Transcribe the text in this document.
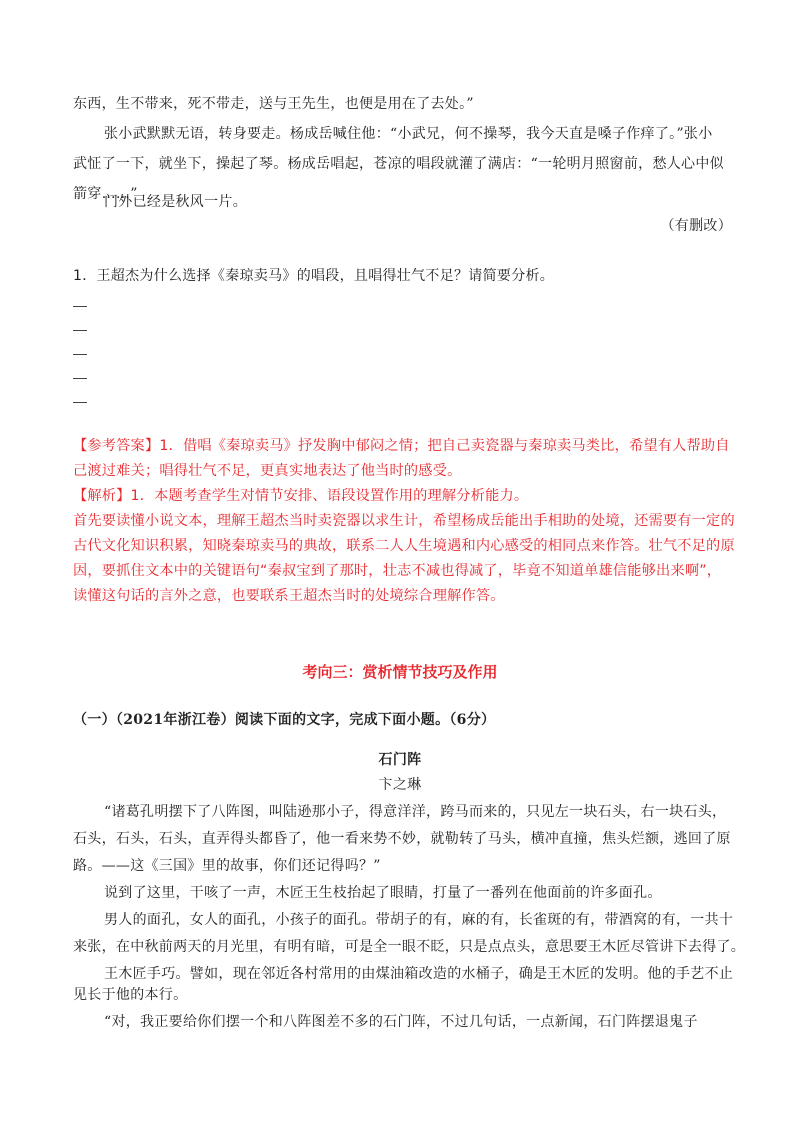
东西，生不带来，死不带走，送与王先生，也便是用在了去处。”
张小武默默无语，转身要走。杨成岳喊住他：“小武兄，何不操琴，我今天直是嗓子作痒了。”张小
武怔了一下，就坐下，操起了琴。杨成岳唱起，苍凉的唱段就灌了满店：“一轮明月照窗前，愁人心中似
箭穿……”
门外已经是秋风一片。
（有删改）
1．王超杰为什么选择《秦琼卖马》的唱段，且唱得壮气不足？请简要分析。
【参考答案】1．借唱《秦琼卖马》抒发胸中郁闷之情；把自己卖瓷器与秦琼卖马类比，希望有人帮助自
己渡过难关；唱得壮气不足，更真实地表达了他当时的感受。
【解析】1．本题考查学生对情节安排、语段设置作用的理解分析能力。
首先要读懂小说文本，理解王超杰当时卖瓷器以求生计，希望杨成岳能出手相助的处境，还需要有一定的
古代文化知识积累，知晓秦琼卖马的典故，联系二人人生境遇和内心感受的相同点来作答。壮气不足的原
因，要抓住文本中的关键语句“秦叔宝到了那时，壮志不减也得减了，毕竟不知道单雄信能够出来啊”，
读懂这句话的言外之意，也要联系王超杰当时的处境综合理解作答。
考向三：赏析情节技巧及作用
（一）（2021年浙江卷）阅读下面的文字，完成下面小题。（6分）
石门阵
卞之琳
“诸葛孔明摆下了八阵图，叫陆逊那小子，得意洋洋，跨马而来的，只见左一块石头，右一块石头，
石头，石头，石头，直弄得头都昏了，他一看来势不妙，就勒转了马头，横冲直撞，焦头烂额，逃回了原
路。——这《三国》里的故事，你们还记得吗？”
说到了这里，干咳了一声，木匠王生枝抬起了眼睛，打量了一番列在他面前的许多面孔。
男人的面孔，女人的面孔，小孩子的面孔。带胡子的有，麻的有，长雀斑的有，带酒窝的有，一共十
来张，在中秋前两天的月光里，有明有暗，可是全一眼不眨，只是点点头，意思要王木匠尽管讲下去得了。
王木匠手巧。譬如，现在邻近各村常用的由煤油箱改造的水桶子，确是王木匠的发明。他的手艺不止
见长于他的本行。
“对，我正要给你们摆一个和八阵图差不多的石门阵，不过几句话，一点新闻，石门阵摆退鬼子
